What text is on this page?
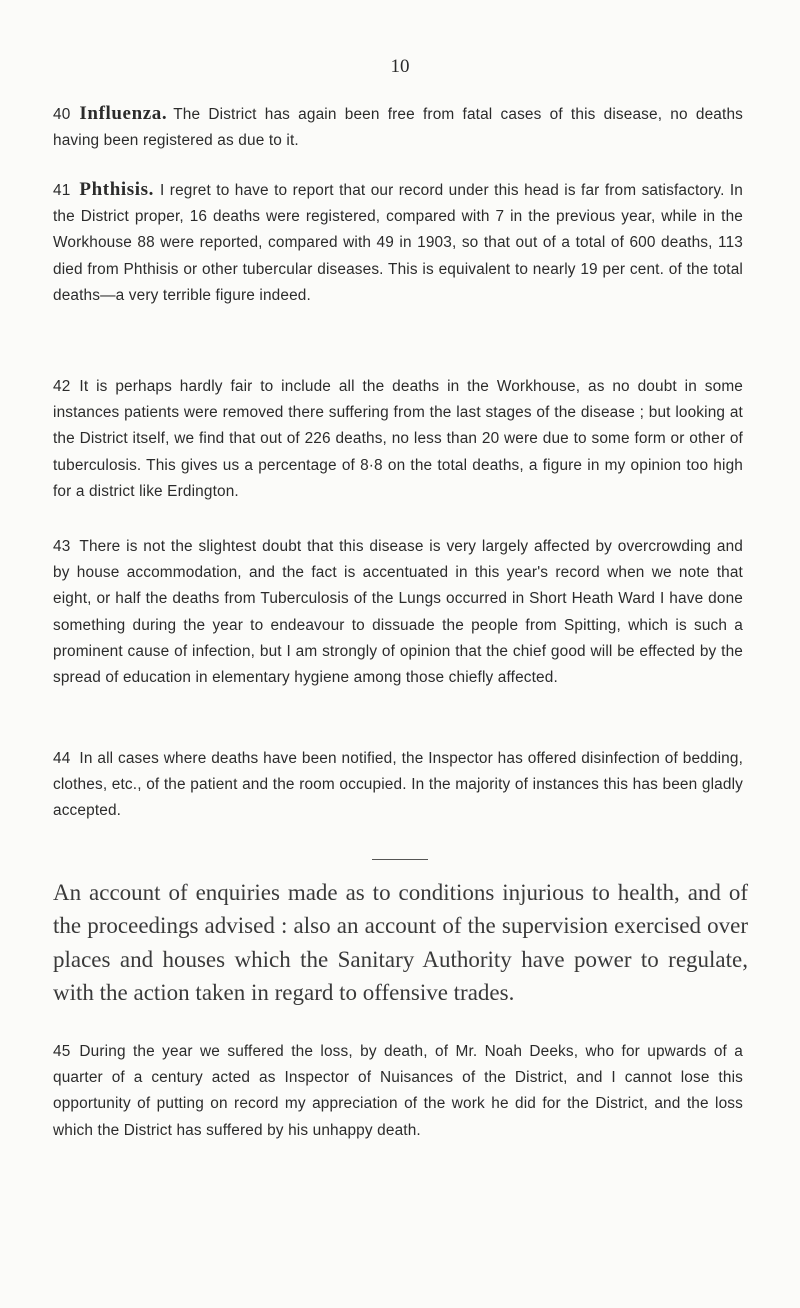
10

40 Influenza. The District has again been free from fatal cases of this disease, no deaths having been registered as due to it.

41 Phthisis. I regret to have to report that our record under this head is far from satisfactory. In the District proper, 16 deaths were registered, compared with 7 in the previous year, while in the Workhouse 88 were reported, compared with 49 in 1903, so that out of a total of 600 deaths, 113 died from Phthisis or other tubercular diseases. This is equivalent to nearly 19 per cent. of the total deaths—a very terrible figure indeed.

42 It is perhaps hardly fair to include all the deaths in the Workhouse, as no doubt in some instances patients were removed there suffering from the last stages of the disease ; but looking at the District itself, we find that out of 226 deaths, no less than 20 were due to some form or other of tuberculosis. This gives us a percentage of 8·8 on the total deaths, a figure in my opinion too high for a district like Erdington.

43 There is not the slightest doubt that this disease is very largely affected by overcrowding and by house accommodation, and the fact is accentuated in this year's record when we note that eight, or half the deaths from Tuberculosis of the Lungs occurred in Short Heath Ward I have done something during the year to endeavour to dissuade the people from Spitting, which is such a prominent cause of infection, but I am strongly of opinion that the chief good will be effected by the spread of education in elementary hygiene among those chiefly affected.

44 In all cases where deaths have been notified, the Inspector has offered disinfection of bedding, clothes, etc., of the patient and the room occupied. In the majority of instances this has been gladly accepted.

An account of enquiries made as to conditions injurious to health, and of the proceedings advised : also an account of the supervision exercised over places and houses which the Sanitary Authority have power to regulate, with the action taken in regard to offensive trades.

45 During the year we suffered the loss, by death, of Mr. Noah Deeks, who for upwards of a quarter of a century acted as Inspector of Nuisances of the District, and I cannot lose this opportunity of putting on record my appreciation of the work he did for the District, and the loss which the District has suffered by his unhappy death.
